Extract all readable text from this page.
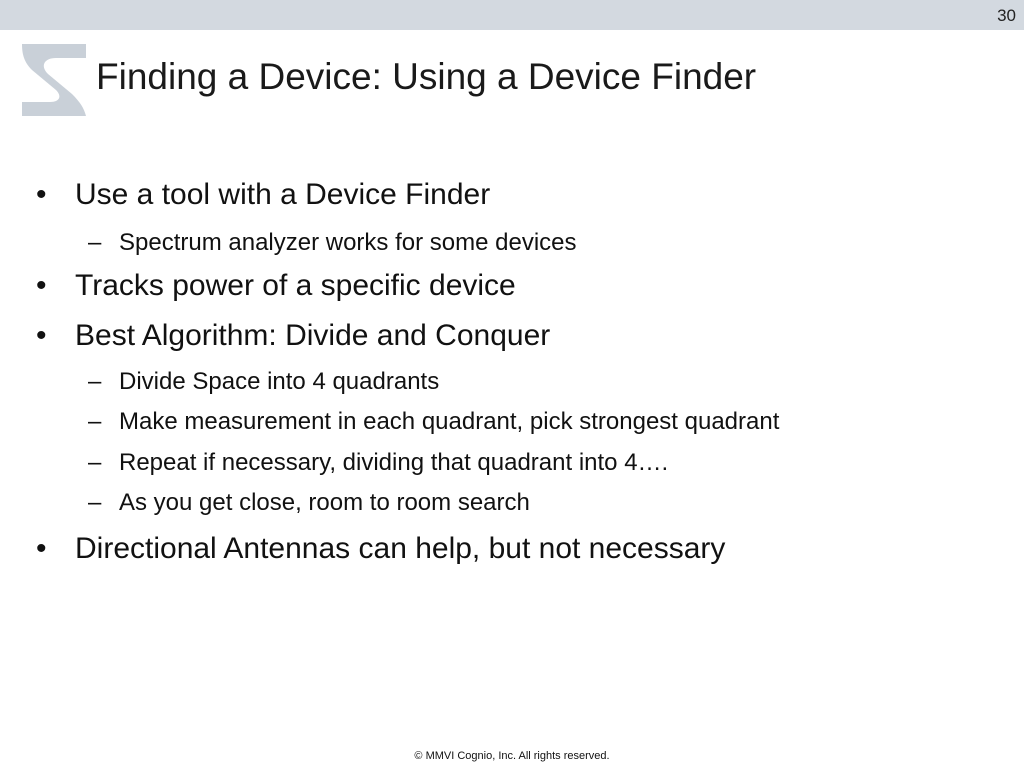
30
Finding a Device: Using a Device Finder
• Use a tool with a Device Finder
– Spectrum analyzer works for some devices
• Tracks power of a specific device
• Best Algorithm: Divide and Conquer
– Divide Space into 4 quadrants
– Make measurement in each quadrant, pick strongest quadrant
– Repeat if necessary, dividing that quadrant into 4….
– As you get close, room to room search
• Directional Antennas can help, but not necessary
© MMVI Cognio, Inc. All rights reserved.
